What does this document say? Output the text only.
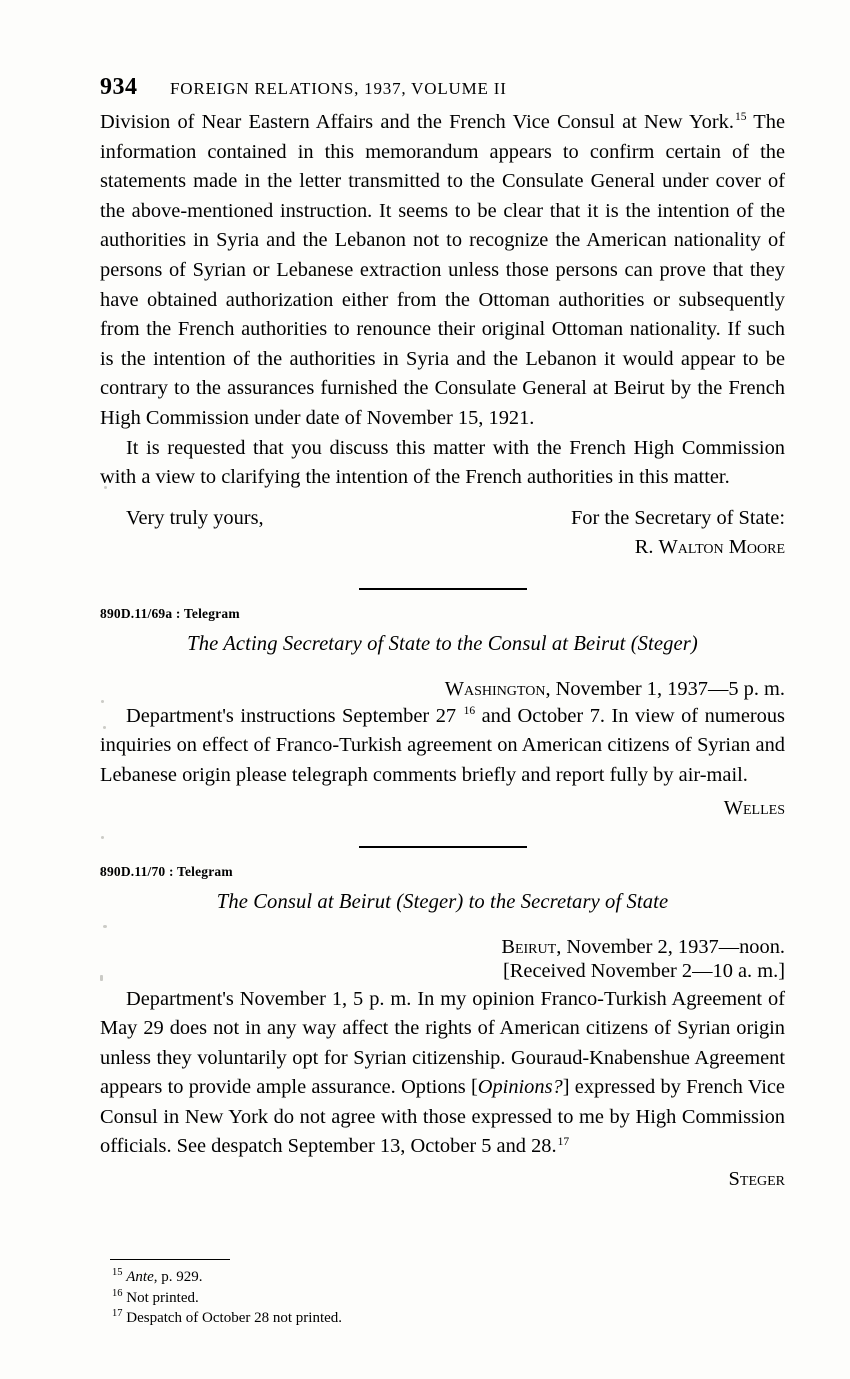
934	FOREIGN RELATIONS, 1937, VOLUME II

Division of Near Eastern Affairs and the French Vice Consul at New York.$^{15}$ The information contained in this memorandum appears to confirm certain of the statements made in the letter transmitted to the Consulate General under cover of the above-mentioned instruction. It seems to be clear that it is the intention of the authorities in Syria and the Lebanon not to recognize the American nationality of persons of Syrian or Lebanese extraction unless those persons can prove that they have obtained authorization either from the Ottoman authorities or subsequently from the French authorities to renounce their original Ottoman nationality. If such is the intention of the authorities in Syria and the Lebanon it would appear to be contrary to the assurances furnished the Consulate General at Beirut by the French High Commission under date of November 15, 1921.

It is requested that you discuss this matter with the French High Commission with a view to clarifying the intention of the French authorities in this matter.

Very truly yours,	For the Secretary of State:
R. Walton Moore
890D.11/69a : Telegram
The Acting Secretary of State to the Consul at Beirut (Steger)
Washington, November 1, 1937—5 p. m.

Department's instructions September 27 $^{16}$ and October 7. In view of numerous inquiries on effect of Franco-Turkish agreement on American citizens of Syrian and Lebanese origin please telegraph comments briefly and report fully by air-mail.

Welles
890D.11/70 : Telegram
The Consul at Beirut (Steger) to the Secretary of State
Beirut, November 2, 1937—noon.
[Received November 2—10 a. m.]

Department's November 1, 5 p. m. In my opinion Franco-Turkish Agreement of May 29 does not in any way affect the rights of American citizens of Syrian origin unless they voluntarily opt for Syrian citizenship. Gouraud-Knabenshue Agreement appears to provide ample assurance. Options [Opinions?] expressed by French Vice Consul in New York do not agree with those expressed to me by High Commission officials. See despatch September 13, October 5 and 28.17

Steger
$^{15}$ Ante, p. 929.
$^{16}$ Not printed.
$^{17}$ Despatch of October 28 not printed.
